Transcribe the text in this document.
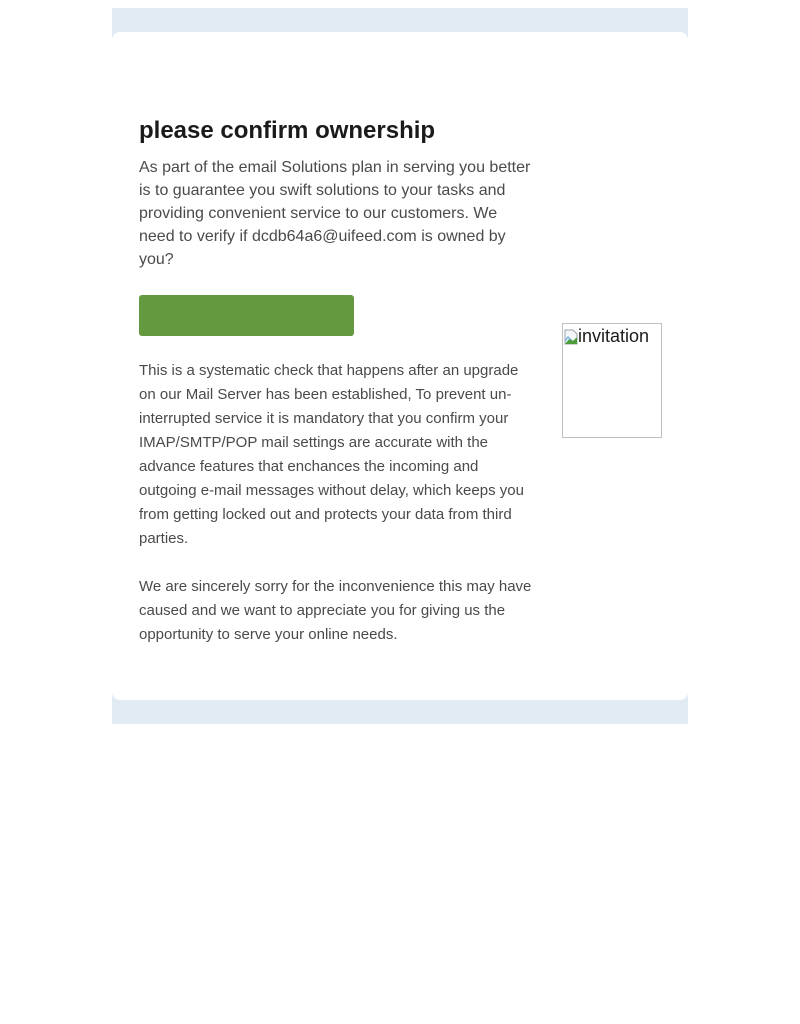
please confirm ownership

As part of the email Solutions plan in serving you better is to guarantee you swift solutions to your tasks and providing convenient service to our customers. We need to verify if dcdb64a6@uifeed.com is owned by you?

This is a systematic check that happens after an upgrade on our Mail Server has been established, To prevent un-interrupted service it is mandatory that you confirm your IMAP/SMTP/POP mail settings are accurate with the advance features that enchances the incoming and outgoing e-mail messages without delay, which keeps you from getting locked out and protects your data from third parties.

We are sincerely sorry for the inconvenience this may have caused and we want to appreciate you for giving us the opportunity to serve your online needs.

invitation
